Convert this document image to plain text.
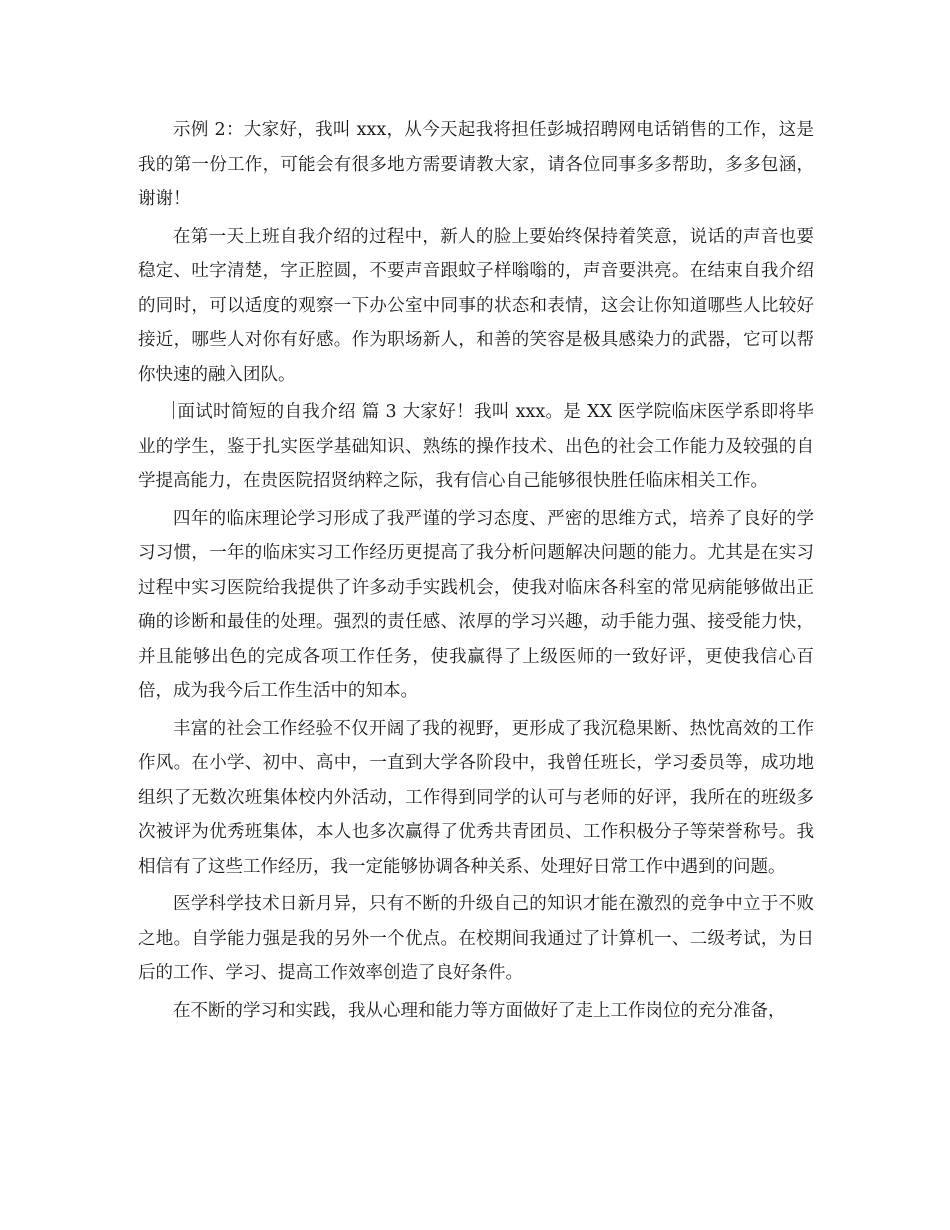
示例 2：大家好，我叫 xxx，从今天起我将担任彭城招聘网电话销售的工作，这是我的第一份工作，可能会有很多地方需要请教大家，请各位同事多多帮助，多多包涵，谢谢！

在第一天上班自我介绍的过程中，新人的脸上要始终保持着笑意，说话的声音也要稳定、吐字清楚，字正腔圆，不要声音跟蚊子样嗡嗡的，声音要洪亮。在结束自我介绍的同时，可以适度的观察一下办公室中同事的状态和表情，这会让你知道哪些人比较好接近，哪些人对你有好感。作为职场新人，和善的笑容是极具感染力的武器，它可以帮你快速的融入团队。

面试时简短的自我介绍 篇 3 大家好！我叫 xxx。是 XX 医学院临床医学系即将毕业的学生，鉴于扎实医学基础知识、熟练的操作技术、出色的社会工作能力及较强的自学提高能力，在贵医院招贤纳粹之际，我有信心自己能够很快胜任临床相关工作。

四年的临床理论学习形成了我严谨的学习态度、严密的思维方式，培养了良好的学习习惯，一年的临床实习工作经历更提高了我分析问题解决问题的能力。尤其是在实习过程中实习医院给我提供了许多动手实践机会，使我对临床各科室的常见病能够做出正确的诊断和最佳的处理。强烈的责任感、浓厚的学习兴趣，动手能力强、接受能力快，并且能够出色的完成各项工作任务，使我赢得了上级医师的一致好评，更使我信心百倍，成为我今后工作生活中的知本。

丰富的社会工作经验不仅开阔了我的视野，更形成了我沉稳果断、热忱高效的工作作风。在小学、初中、高中，一直到大学各阶段中，我曾任班长，学习委员等，成功地组织了无数次班集体校内外活动，工作得到同学的认可与老师的好评，我所在的班级多次被评为优秀班集体，本人也多次赢得了优秀共青团员、工作积极分子等荣誉称号。我相信有了这些工作经历，我一定能够协调各种关系、处理好日常工作中遇到的问题。

医学科学技术日新月异，只有不断的升级自己的知识才能在激烈的竞争中立于不败之地。自学能力强是我的另外一个优点。在校期间我通过了计算机一、二级考试，为日后的工作、学习、提高工作效率创造了良好条件。

在不断的学习和实践，我从心理和能力等方面做好了走上工作岗位的充分准备，
